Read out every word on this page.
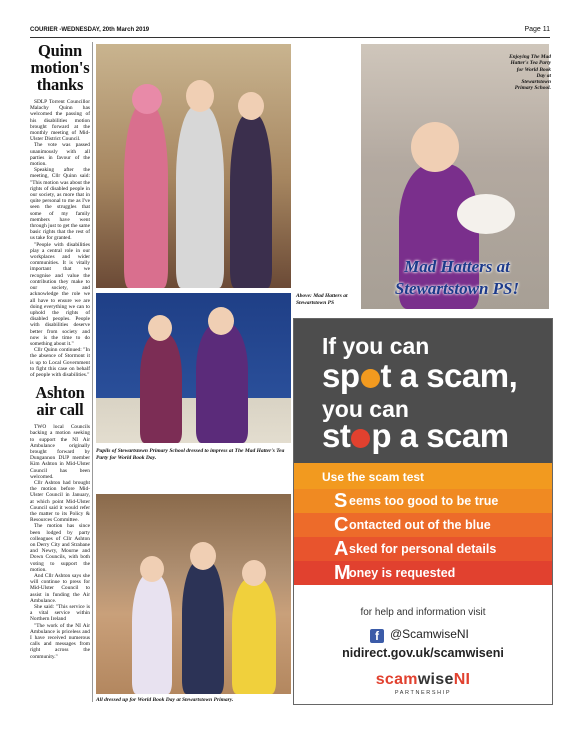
COURIER -WEDNESDAY, 20th March 2019	Page 11
Quinn motion's thanks

SDLP Torrent Councillor Malachy Quinn has welcomed the passing of his disabilities motion brought forward at the monthly meeting of Mid-Ulster District Council.

The vote was passed unanimously with all parties in favour of the motion.

Speaking after the meeting, Cllr Quinn said: "This motion was about the rights of disabled people in our society, as more that in quite personal to me as I've seen the struggles that some of my family members have went through just to get the same basic rights that the rest of us take for granted.

"People with disabilities play a central role in our workplaces and wider communities. It is vitally important that we recognise and value the contribution they make to our society, and acknowledge the role we all have to ensure we are doing everything we can to uphold the rights of disabled peoples. People with disabilities deserve better from society and now is the time to do something about it."

Cllr Quinn continued: "In the absence of Stormont it is up to Local Government to fight this case on behalf of people with disabilities."

Ashton air call

TWO local Councils backing a motion seeking to support the NI Air Ambulance originally brought forward by Dungannon DUP member Kim Ashton in Mid-Ulster Council has been welcomed.

Cllr Ashton had brought the motion before Mid-Ulster Council in January, at which point Mid-Ulster Council said it would refer the matter to its Policy & Resources Committee.

The motion has since been lodged by party colleagues of Cllr Ashton on Derry City and Strabane and Newry, Mourne and Down Councils, with both voting to support the motion.

And Cllr Ashton says she will continue to press for Mid-Ulster Council to assist in funding the Air Ambulance.

She said: "This service is a vital service within Northern Ireland

"The work of the NI Air Ambulance is priceless and I have received numerous calls and messages from right across the community."

Above: Mad Hatters at Stewartstown PS
Pupils of Stewartstown Primary School dressed to impress at The Mad Hatter's Tea Party for World Book Day.
All dressed up for World Book Day at Stewartstown Primary.
Enjoying The Mad Hatter's Tea Party for World Book Day at Stewartstown Primary School.
Mad Hatters at Stewartstown PS!
If you can
sp t a scam,
you can
st p a scam
Use the scam test
S eems too good to be true
C ontacted out of the blue
A sked for personal details
M
oney is requested
for help and information visit
f @ScamwiseNI
nidirect.gov.uk/scamwiseni
scamwiseNI
PARTNERSHIP
